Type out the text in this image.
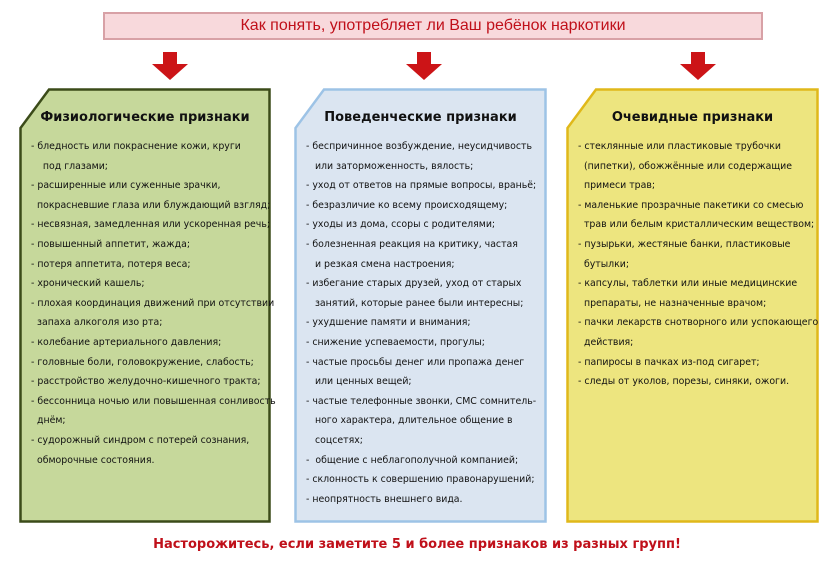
Как понять, употребляет ли Ваш ребёнок наркотики
Физиологические признаки
- бледность или покраснение кожи, круги
под глазами;
- расширенные или суженные зрачки,
покрасневшие глаза или блуждающий взгляд;
- несвязная, замедленная или ускоренная речь;
- повышенный аппетит, жажда;
- потеря аппетита, потеря веса;
- хронический кашель;
- плохая координация движений при отсутствии
запаха алкоголя изо рта;
- колебание артериального давления;
- головные боли, головокружение, слабость;
- расстройство желудочно-кишечного тракта;
- бессонница ночью или повышенная сонливость
днём;
- судорожный синдром с потерей сознания,
обморочные состояния.
Поведенческие признаки
- беспричинное возбуждение, неусидчивость
или заторможенность, вялость;
- уход от ответов на прямые вопросы, враньё;
- безразличие ко всему происходящему;
- уходы из дома, ссоры с родителями;
- болезненная реакция на критику, частая
и резкая смена настроения;
- избегание старых друзей, уход от старых
занятий, которые ранее были интересны;
- ухудшение памяти и внимания;
- снижение успеваемости, прогулы;
- частые просьбы денег или пропажа денег
или ценных вещей;
- частые телефонные звонки, СМС сомнитель-
ного характера, длительное общение в
соцсетях;
-  общение с неблагополучной компанией;
- склонность к совершению правонарушений;
- неопрятность внешнего вида.
Очевидные признаки
- стеклянные или пластиковые трубочки
(пипетки), обожжённые или содержащие
примеси трав;
- маленькие прозрачные пакетики со смесью
трав или белым кристаллическим веществом;
- пузырьки, жестяные банки, пластиковые
бутылки;
- капсулы, таблетки или иные медицинские
препараты, не назначенные врачом;
- пачки лекарств снотворного или успокающего
действия;
- папиросы в пачках из-под сигарет;
- следы от уколов, порезы, синяки, ожоги.
Насторожитесь, если заметите 5 и более признаков из разных групп!
